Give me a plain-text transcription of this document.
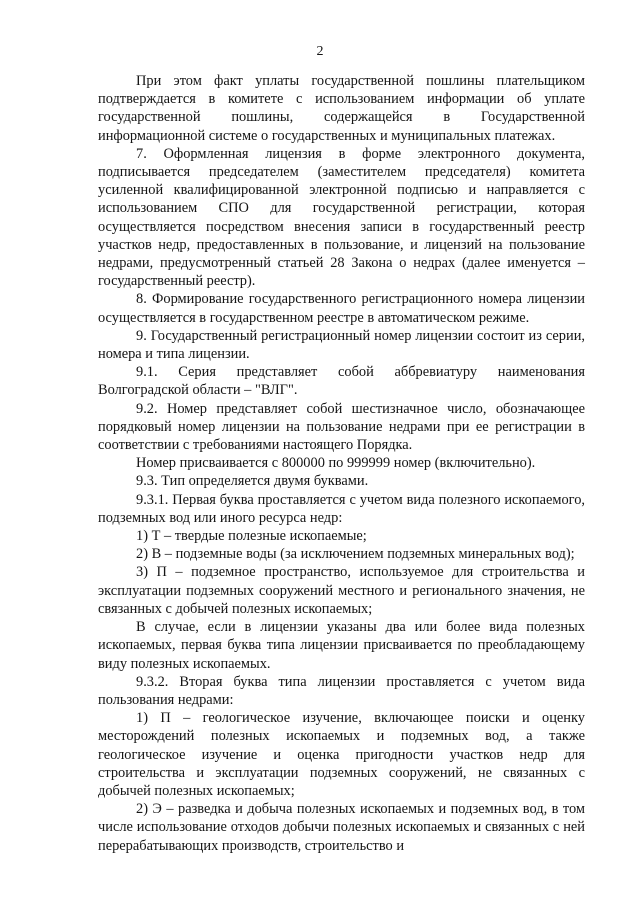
2

При этом факт уплаты государственной пошлины плательщиком подтверждается в комитете с использованием информации об уплате государственной пошлины, содержащейся в Государственной информационной системе о государственных и муниципальных платежах.

7. Оформленная лицензия в форме электронного документа, подписывается председателем (заместителем председателя) комитета усиленной квалифицированной электронной подписью и направляется с использованием СПО для государственной регистрации, которая осуществляется посредством внесения записи в государственный реестр участков недр, предоставленных в пользование, и лицензий на пользование недрами, предусмотренный статьей 28 Закона о недрах (далее именуется – государственный реестр).

8. Формирование государственного регистрационного номера лицензии осуществляется в государственном реестре в автоматическом режиме.

9. Государственный регистрационный номер лицензии состоит из серии, номера и типа лицензии.

9.1. Серия представляет собой аббревиатуру наименования Волгоградской области – "ВЛГ".

9.2. Номер представляет собой шестизначное число, обозначающее порядковый номер лицензии на пользование недрами при ее регистрации в соответствии с требованиями настоящего Порядка.

Номер присваивается с 800000 по 999999 номер (включительно).

9.3. Тип определяется двумя буквами.

9.3.1. Первая буква проставляется с учетом вида полезного ископаемого, подземных вод или иного ресурса недр:

1) Т – твердые полезные ископаемые;

2) В – подземные воды (за исключением подземных минеральных вод);

3) П – подземное пространство, используемое для строительства и эксплуатации подземных сооружений местного и регионального значения, не связанных с добычей полезных ископаемых;

В случае, если в лицензии указаны два или более вида полезных ископаемых, первая буква типа лицензии присваивается по преобладающему виду полезных ископаемых.

9.3.2. Вторая буква типа лицензии проставляется с учетом вида пользования недрами:

1) П – геологическое изучение, включающее поиски и оценку месторождений полезных ископаемых и подземных вод, а также геологическое изучение и оценка пригодности участков недр для строительства и эксплуатации подземных сооружений, не связанных с добычей полезных ископаемых;

2) Э – разведка и добыча полезных ископаемых и подземных вод, в том числе использование отходов добычи полезных ископаемых и связанных с ней перерабатывающих производств, строительство и
